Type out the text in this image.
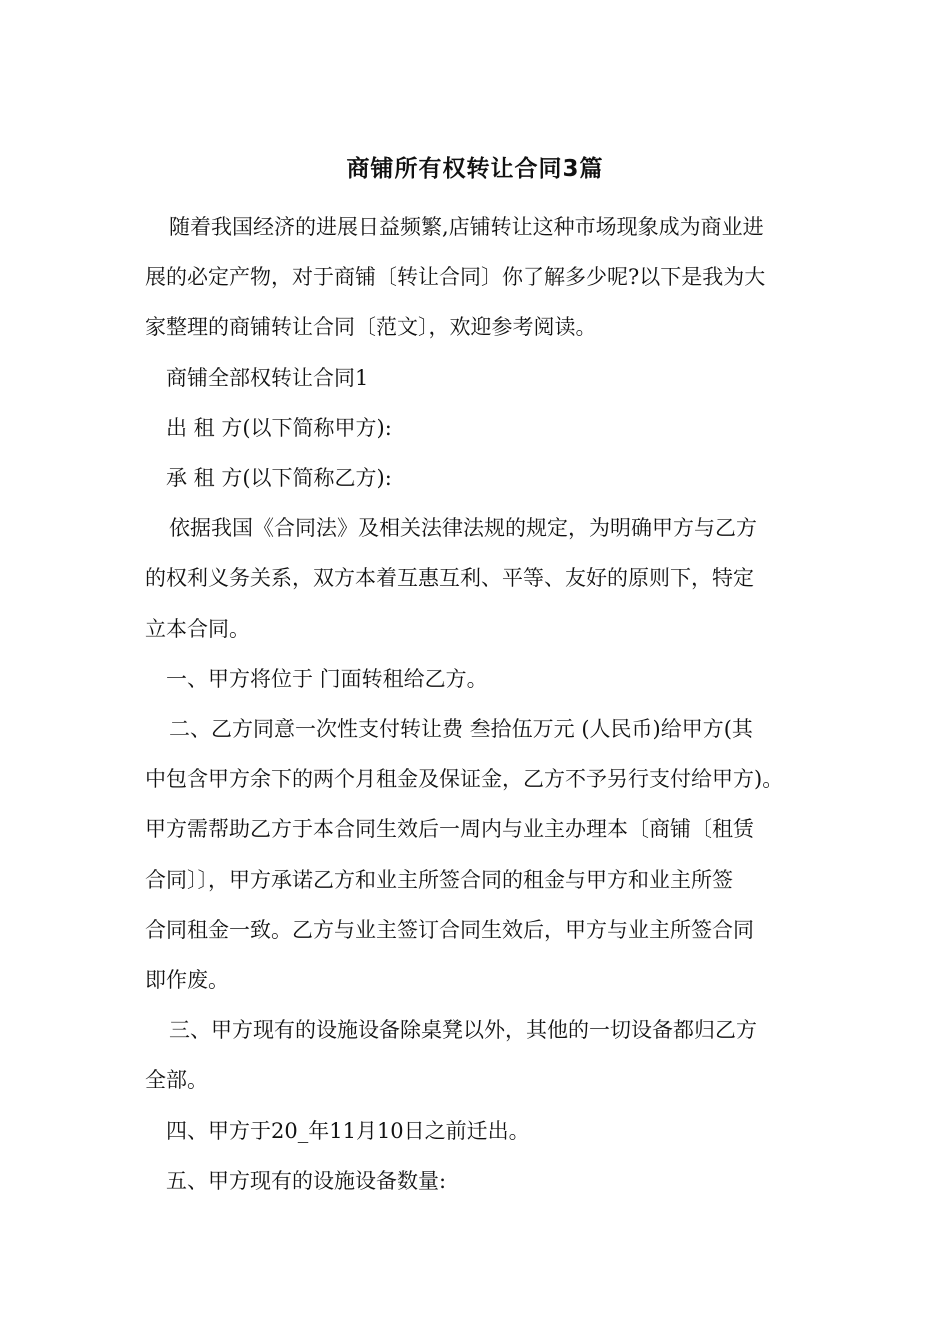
商铺所有权转让合同3篇

随着我国经济的进展日益频繁,店铺转让这种市场现象成为商业进

展的必定产物，对于商铺〔转让合同〕你了解多少呢?以下是我为大

家整理的商铺转让合同〔范文〕，欢迎参考阅读。

商铺全部权转让合同1

出 租 方(以下简称甲方):

承 租 方(以下简称乙方):

依据我国《合同法》及相关法律法规的规定，为明确甲方与乙方

的权利义务关系，双方本着互惠互利、平等、友好的原则下，特定

立本合同。

一、甲方将位于 门面转租给乙方。

二、乙方同意一次性支付转让费 叁拾伍万元 (人民币)给甲方(其

中包含甲方余下的两个月租金及保证金，乙方不予另行支付给甲方)。

甲方需帮助乙方于本合同生效后一周内与业主办理本〔商铺〔租赁

合同〕〕，甲方承诺乙方和业主所签合同的租金与甲方和业主所签

合同租金一致。乙方与业主签订合同生效后，甲方与业主所签合同

即作废。

三、甲方现有的设施设备除桌凳以外，其他的一切设备都归乙方

全部。

四、甲方于20_年11月10日之前迁出。

五、甲方现有的设施设备数量:
